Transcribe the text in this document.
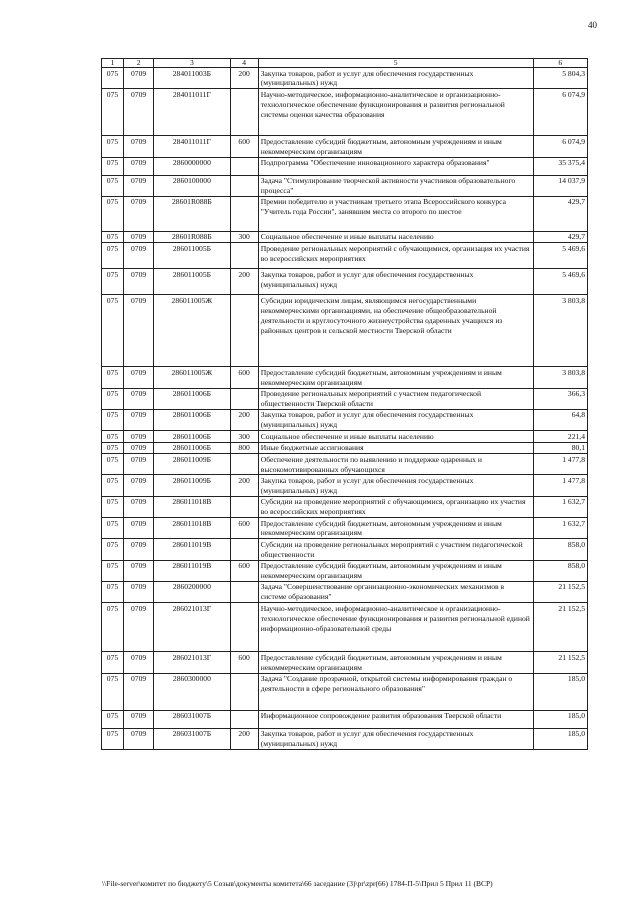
40
1	2	3	4	5	6
075	0709	284011003Б	200	Закупка товаров, работ и услуг для обеспечения государственных (муниципальных) нужд	5 804,3
075	0709	284011011Г		Научно-методическое, информационно-аналитическое и организационно-технологическое обеспечение функционирования и развития региональной системы оценки качества образования	6 074,9
075	0709	284011011Г	600	Предоставление субсидий бюджетным, автономным учреждениям и иным некоммерческим организациям	6 074,9
075	0709	2860000000		Подпрограмма "Обеспечение инновационного характера образования"	35 375,4
075	0709	2860100000		Задача "Стимулирование творческой активности участников образовательного процесса"	14 037,9
075	0709	28601R088Б		Премии победителю и участникам третьего этапа Всероссийского конкурса "Учитель года России", занявшим места со второго по шестое	429,7
075	0709	28601R088Б	300	Социальное обеспечение и иные выплаты населению	429,7
075	0709	286011005Б		Проведение региональных мероприятий с обучающимися, организация их участия во всероссийских мероприятиях	5 469,6
075	0709	286011005Б	200	Закупка товаров, работ и услуг для обеспечения государственных (муниципальных) нужд	5 469,6
075	0709	286011005Ж		Субсидии юридическим лицам, являющимся негосударственными некоммерческими организациями, на обеспечение общеобразовательной деятельности и круглосуточного жизнеустройства одаренных учащихся из районных центров и сельской местности Тверской области	3 803,8
075	0709	286011005Ж	600	Предоставление субсидий бюджетным, автономным учреждениям и иным некоммерческим организациям	3 803,8
075	0709	286011006Б		Проведение региональных мероприятий с участием педагогической общественности Тверской области	366,3
075	0709	286011006Б	200	Закупка товаров, работ и услуг для обеспечения государственных (муниципальных) нужд	64,8
075	0709	286011006Б	300	Социальное обеспечение и иные выплаты населению	221,4
075	0709	286011006Б	800	Иные бюджетные ассигнования	80,1
075	0709	286011009Б		Обеспечение деятельности по выявлению и поддержке одаренных и высокомотивированных обучающихся	1 477,8
075	0709	286011009Б	200	Закупка товаров, работ и услуг для обеспечения государственных (муниципальных) нужд	1 477,8
075	0709	286011018В		Субсидии на проведение мероприятий с обучающимися, организацию их участия во всероссийских мероприятиях	1 632,7
075	0709	286011018В	600	Предоставление субсидий бюджетным, автономным учреждениям и иным некоммерческим организациям	1 632,7
075	0709	286011019В		Субсидии на проведение региональных мероприятий с участием педагогической общественности	858,0
075	0709	286011019В	600	Предоставление субсидий бюджетным, автономным учреждениям и иным некоммерческим организациям	858,0
075	0709	2860200000		Задача "Совершенствование организационно-экономических механизмов в системе образования"	21 152,5
075	0709	286021013Г		Научно-методическое, информационно-аналитическое и организационно-технологическое обеспечение функционирования и развития региональной единой информационно-образовательной среды	21 152,5
075	0709	286021013Г	600	Предоставление субсидий бюджетным, автономным учреждениям и иным некоммерческим организациям	21 152,5
075	0709	2860300000		Задача "Создание прозрачной, открытой системы информирования граждан о деятельности в сфере регионального образования"	185,0
075	0709	286031007Б		Информационное сопровождение развития образования Тверской области	185,0
075	0709	286031007Б	200	Закупка товаров, работ и услуг для обеспечения государственных (муниципальных) нужд	185,0
\\File-server\комитет по бюджету\5 Созыв\документы комитета\66 заседание (3)\pr\zpr(66) 1784-П-5\Прил 5 Прил 11 (ВСР)
